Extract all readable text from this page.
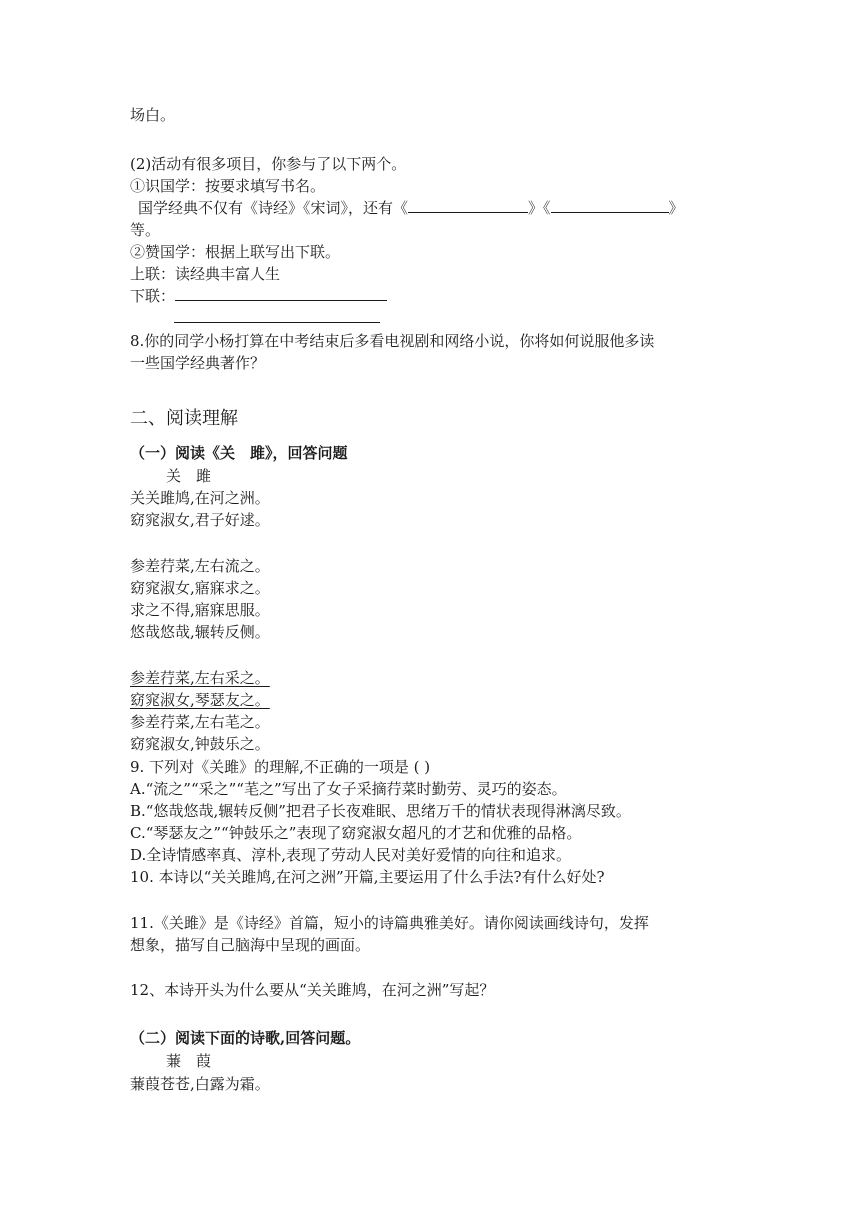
场白。
(2)活动有很多项目，你参与了以下两个。
①识国学：按要求填写书名。
国学经典不仅有《诗经》《宋词》，还有《	》《	》
等。
②赞国学：根据上联写出下联。
上联：读经典丰富人生
下联：
8.你的同学小杨打算在中考结束后多看电视剧和网络小说，你将如何说服他多读
一些国学经典著作？
二、阅读理解
（一）阅读《关　雎》，回答问题
关　雎
关关雎鸠,在河之洲。
窈窕淑女,君子好逑。
参差荇菜,左右流之。
窈窕淑女,寤寐求之。
求之不得,寤寐思服。
悠哉悠哉,辗转反侧。
参差荇菜,左右采之。
窈窕淑女,琴瑟友之。
参差荇菜,左右芼之。
窈窕淑女,钟鼓乐之。
9. 下列对《关雎》的理解,不正确的一项是 ( )
A.“流之”“采之”“芼之”写出了女子采摘荇菜时勤劳、灵巧的姿态。
B.“悠哉悠哉,辗转反侧”把君子长夜难眠、思绪万千的情状表现得淋漓尽致。
C.“琴瑟友之”“钟鼓乐之”表现了窈窕淑女超凡的才艺和优雅的品格。
D.全诗情感率真、淳朴,表现了劳动人民对美好爱情的向往和追求。
10. 本诗以“关关雎鸠,在河之洲”开篇,主要运用了什么手法?有什么好处?
11.《关雎》是《诗经》首篇，短小的诗篇典雅美好。请你阅读画线诗句，发挥
想象，描写自己脑海中呈现的画面。
12、本诗开头为什么要从“关关雎鸠，在河之洲”写起？
（二）阅读下面的诗歌,回答问题。
蒹　葭
蒹葭苍苍,白露为霜。
